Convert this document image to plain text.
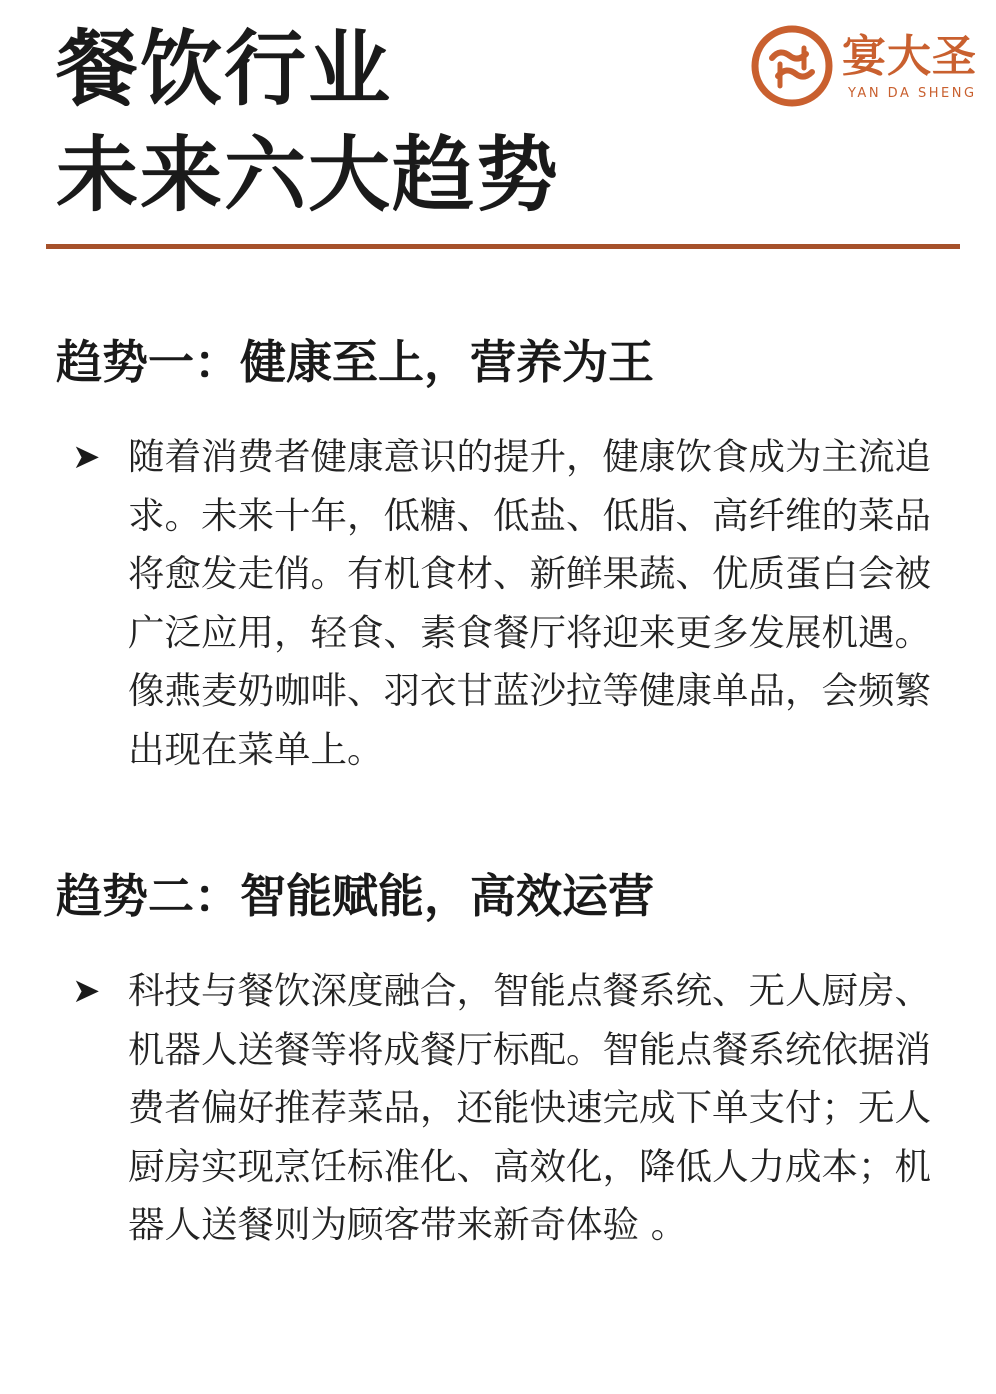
餐饮行业
未来六大趋势
宴大圣
YAN DA SHENG
趋势一：健康至上，营养为王
➤ 随着消费者健康意识的提升，健康饮食成为主流追求。未来十年，低糖、低盐、低脂、高纤维的菜品将愈发走俏。有机食材、新鲜果蔬、优质蛋白会被广泛应用，轻食、素食餐厅将迎来更多发展机遇。像燕麦奶咖啡、羽衣甘蓝沙拉等健康单品，会频繁出现在菜单上。

趋势二：智能赋能，高效运营
➤ 科技与餐饮深度融合，智能点餐系统、无人厨房、机器人送餐等将成餐厅标配。智能点餐系统依据消费者偏好推荐菜品，还能快速完成下单支付；无人厨房实现烹饪标准化、高效化，降低人力成本；机器人送餐则为顾客带来新奇体验 。
